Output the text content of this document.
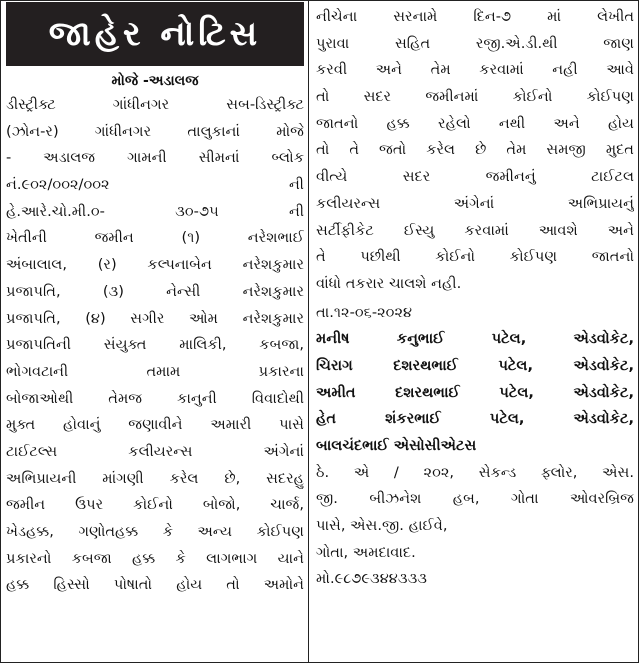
જાહેર નોટિસ
મોજે -અડાલજ
ડીસ્ટ્રીક્ટ ગાંધીનગર સબ-ડિસ્ટ્રીક્ટ
(ઝોન-ર) ગાંધીનગર તાલુકાનાં મોજે
- અડાલજ ગામની સીમનાં બ્લોક
નં.૯૦૨/૦૦૨/૦૦૨ ની
હે.આરે.ચો.મી.૦- ૩૦-૭૫ ની
ખેતીની જમીન (૧) નરેશભાઈ
અંબાલાલ, (ર) કલ્પનાબેન નરેશકુમાર
પ્રજાપતિ, (૩) નેન્સી નરેશકુમાર
પ્રજાપતિ, (૪) સગીર ઓમ નરેશકુમાર
પ્રજાપતિની સંયુક્ત માલિકી, કબજા,
ભોગવટાની તમામ પ્રકારના
બોજાઓથી તેમજ કાનુની વિવાદોથી
મુક્ત હોવાનું જણાવીને અમારી પાસે
ટાઈટલ્સ કલીયરન્સ અંગેનાં
અભિપ્રાયની માંગણી કરેલ છે, સદરહુ
જમીન ઉપર કોઈનો બોજો, ચાર્જ,
ખેડહક્ક, ગણોતહક્ક કે અન્ય કોઈપણ
પ્રકારનો કબજા હક્ક કે લાગભાગ યાને
હક્ક હિસ્સો પોષાતો હોય તો અમોને
નીચેના સરનામે દિન-૭ માં લેખીત
પુરાવા સહિત રજી.એ.ડી.થી જાણ
કરવી અને તેમ કરવામાં નહી આવે
તો સદર જમીનમાં કોઈનો કોઈપણ
જાતનો હક્ક રહેલો નથી અને હોય
તો તે જતો કરેલ છે તેમ સમજી મુદત
વીત્યે સદર જમીનનું ટાઈટલ
કલીયરન્સ અંગેનાં અભિપ્રાયનું
સર્ટીફીકેટ ઈસ્યુ કરવામાં આવશે અને
તે પછીથી કોઈનો કોઈપણ જાતનો
વાંધો તકરાર ચાલશે નહી.
તા.૧૨-૦૬-૨૦૨૪
મનીષ કનુભાઈ પટેલ, એડવોકેટ,
ચિરાગ દશરથભાઈ પટેલ, એડવોકેટ,
અમીત દશરથભાઈ પટેલ, એડવોકેટ,
હેત શંકરભાઈ પટેલ, એડવોકેટ,
બાલચંદભાઈ એસોસીએટસ
ઠે. એ / ૨૦૨, સેકન્ડ ફ્લોર, એસ.
જી. બીઝનેશ હબ, ગોતા ઓવરબ્રિજ
પાસે, એસ.જી. હાઈવે,
ગોતા, અમદાવાદ.
મો.૯૮૭૯૩૪૪૩૩૩
